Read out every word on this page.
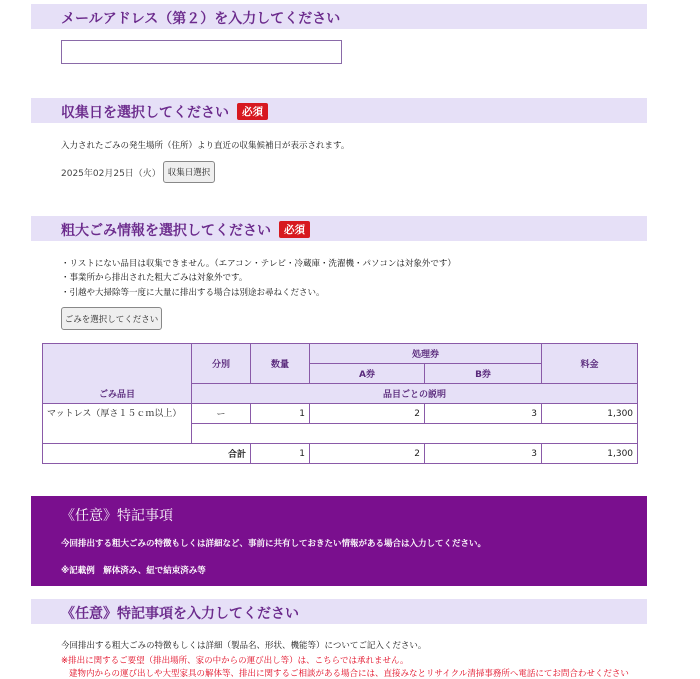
メールアドレス（第２）を入力してください
収集日を選択してください 必須
入力されたごみの発生場所（住所）より直近の収集候補日が表示されます。
2025年02月25日（火） 収集日選択
粗大ごみ情報を選択してください 必須
・リストにない品目は収集できません。（エアコン・テレビ・冷蔵庫・洗濯機・パソコンは対象外です）
・事業所から排出された粗大ごみは対象外です。
・引越や大掃除等一度に大量に排出する場合は別途お尋ねください。
ごみを選択してください
ごみ品目	分別	数量	処理券		料金
			A券	B券	
	品目ごとの説明				
マットレス（厚さ１５ｃｍ以上）	ー	1	2	3	1,300

合計		1	2	3	1,300
《任意》特記事項
今回排出する粗大ごみの特徴もしくは詳細など、事前に共有しておきたい情報がある場合は入力してください。
※記載例　解体済み、紐で結束済み等
《任意》特記事項を入力してください
今回排出する粗大ごみの特徴もしくは詳細（製品名、形状、機能等）についてご記入ください。
※排出に関するご要望（排出場所、家の中からの運び出し等）は、こちらでは承れません。
建物内からの運び出しや大型家具の解体等、排出に関するご相談がある場合には、直接みなとリサイクル清掃事務所へ電話にてお問合わせください
